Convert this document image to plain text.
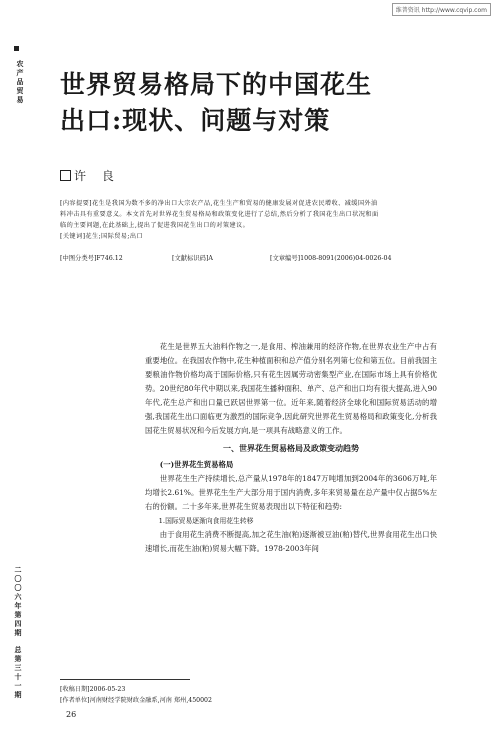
维普资讯 http://www.cqvip.com
农产品贸易
二〇〇六年第四期
总第三十一期
世界贸易格局下的中国花生
出口:现状、问题与对策
许 良
[内容提要]花生是我国为数不多的净出口大宗农产品,花生生产和贸易的健康发展对促进农民增收、减缓国外油
料冲击具有重要意义。本文首先对世界花生贸易格局和政策变化进行了总结,然后分析了我国花生出口状况和面
临的主要问题,在此基础上,提出了促进我国花生出口的对策建议。
[关键词]花生;国际贸易;出口
[中图分类号]F746.12	[文献标识码]A	[文章编号]1008-8091(2006)04-0026-04

花生是世界五大油料作物之一,是食用、榨油兼用的经济作物,在世界农业生产中占有重要地位。在我国农作物中,花生种植面积和总产值分别名列第七位和第五位。目前我国主要粮油作物价格均高于国际价格,只有花生因属劳动密集型产业,在国际市场上具有价格优势。20世纪80年代中期以来,我国花生播种面积、单产、总产和出口均有很大提高,进入90年代,花生总产和出口量已跃居世界第一位。近年来,随着经济全球化和国际贸易活动的增强,我国花生出口面临更为激烈的国际竞争,因此研究世界花生贸易格局和政策变化,分析我国花生贸易状况和今后发展方向,是一项具有战略意义的工作。

一、世界花生贸易格局及政策变动趋势

(一)世界花生贸易格局

世界花生生产持续增长,总产量从1978年的1847万吨增加到2004年的3606万吨,年均增长2.61%。世界花生生产大部分用于国内消费,多年来贸易量在总产量中仅占据5%左右的份额。二十多年来,世界花生贸易表现出以下特征和趋势:

1.国际贸易逐渐向食用花生转移

由于食用花生消费不断提高,加之花生油(粕)逐渐被豆油(粕)替代,世界食用花生出口快速增长,而花生油(粕)贸易大幅下降。1978-2003年间

[收稿日期]2006-05-23
[作者单位]河南财经学院财政金融系,河南 郑州,450002
26
